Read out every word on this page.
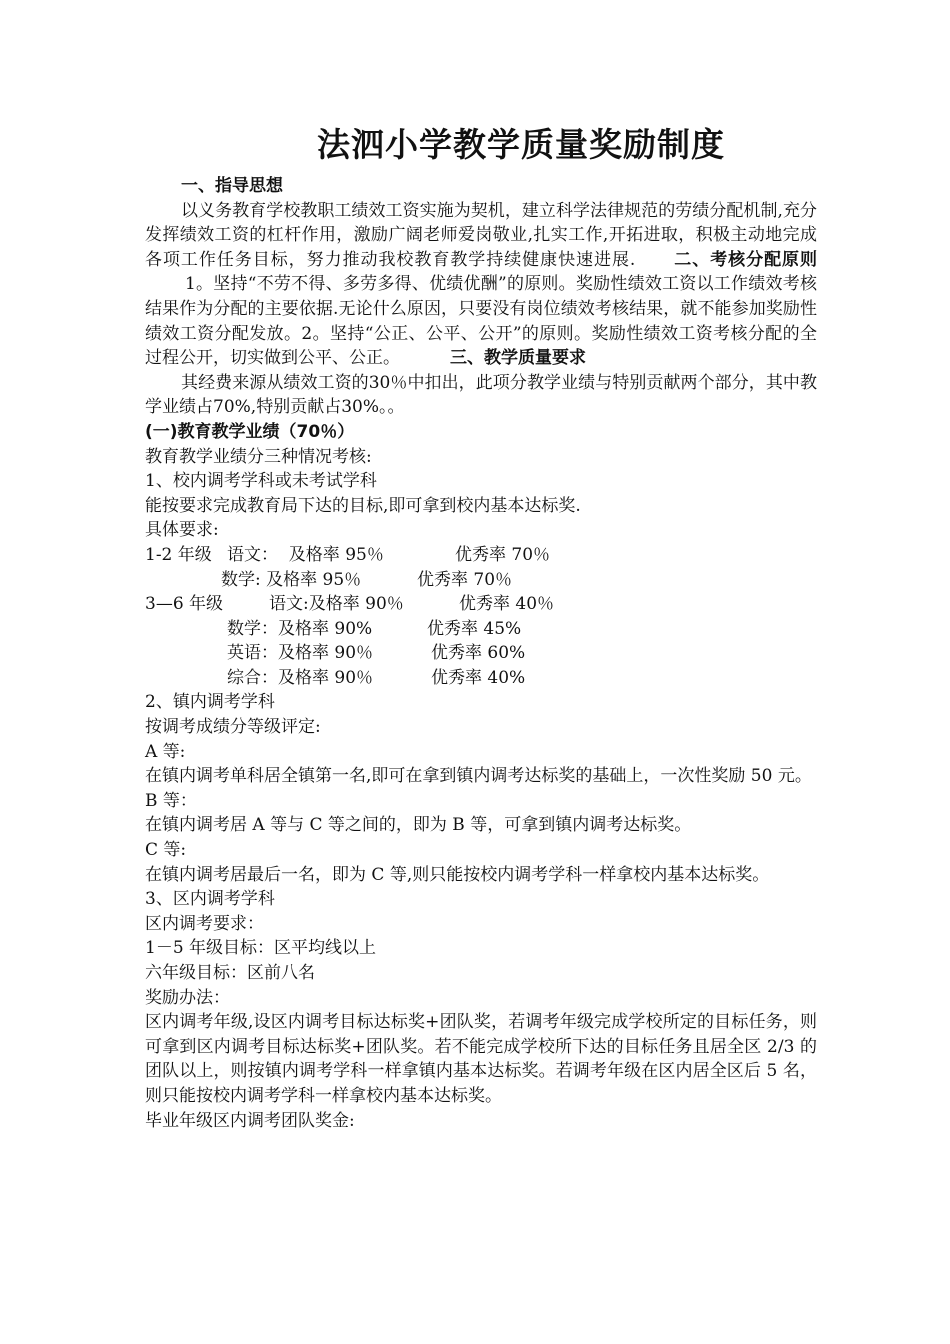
法泗小学教学质量奖励制度

一、指导思想

以义务教育学校教职工绩效工资实施为契机，建立科学法律规范的劳绩分配机制,充分发挥绩效工资的杠杆作用，激励广阔老师爱岗敬业,扎实工作,开拓进取，积极主动地完成各项工作任务目标，努力推动我校教育教学持续健康快速进展. 二、考核分配原则1。坚持“不劳不得、多劳多得、优绩优酬”的原则。奖励性绩效工资以工作绩效考核结果作为分配的主要依据.无论什么原因，只要没有岗位绩效考核结果，就不能参加奖励性绩效工资分配发放。2。坚持“公正、公平、公开”的原则。奖励性绩效工资考核分配的全过程公开，切实做到公平、公正。	三、教学质量要求

其经费来源从绩效工资的30％中扣出，此项分教学业绩与特别贡献两个部分，其中教学业绩占70%,特别贡献占30%。。

(一)教育教学业绩（70％）

教育教学业绩分三种情况考核:

1、校内调考学科或未考试学科

能按要求完成教育局下达的目标,即可拿到校内基本达标奖.

具体要求:

1-2 年级 语文：  及格率 95％	优秀率 70％
数学: 及格率 95％	优秀率 70％
3—6 年级	语文:及格率 90％	优秀率 40％
数学：及格率 90%	优秀率 45%
英语：及格率 90％	优秀率 60%
综合：及格率 90％	优秀率 40%

2、镇内调考学科

按调考成绩分等级评定:

A 等:

在镇内调考单科居全镇第一名,即可在拿到镇内调考达标奖的基础上，一次性奖励 50 元。

B 等：

在镇内调考居 A 等与 C 等之间的，即为 B 等，可拿到镇内调考达标奖。

C 等:

在镇内调考居最后一名，即为 C 等,则只能按校内调考学科一样拿校内基本达标奖。

3、区内调考学科

区内调考要求：

1－5 年级目标：区平均线以上

六年级目标：区前八名

奖励办法：

区内调考年级,设区内调考目标达标奖+团队奖，若调考年级完成学校所定的目标任务，则可拿到区内调考目标达标奖+团队奖。若不能完成学校所下达的目标任务且居全区 2/3 的团队以上，则按镇内调考学科一样拿镇内基本达标奖。若调考年级在区内居全区后 5 名，则只能按校内调考学科一样拿校内基本达标奖。

毕业年级区内调考团队奖金:
